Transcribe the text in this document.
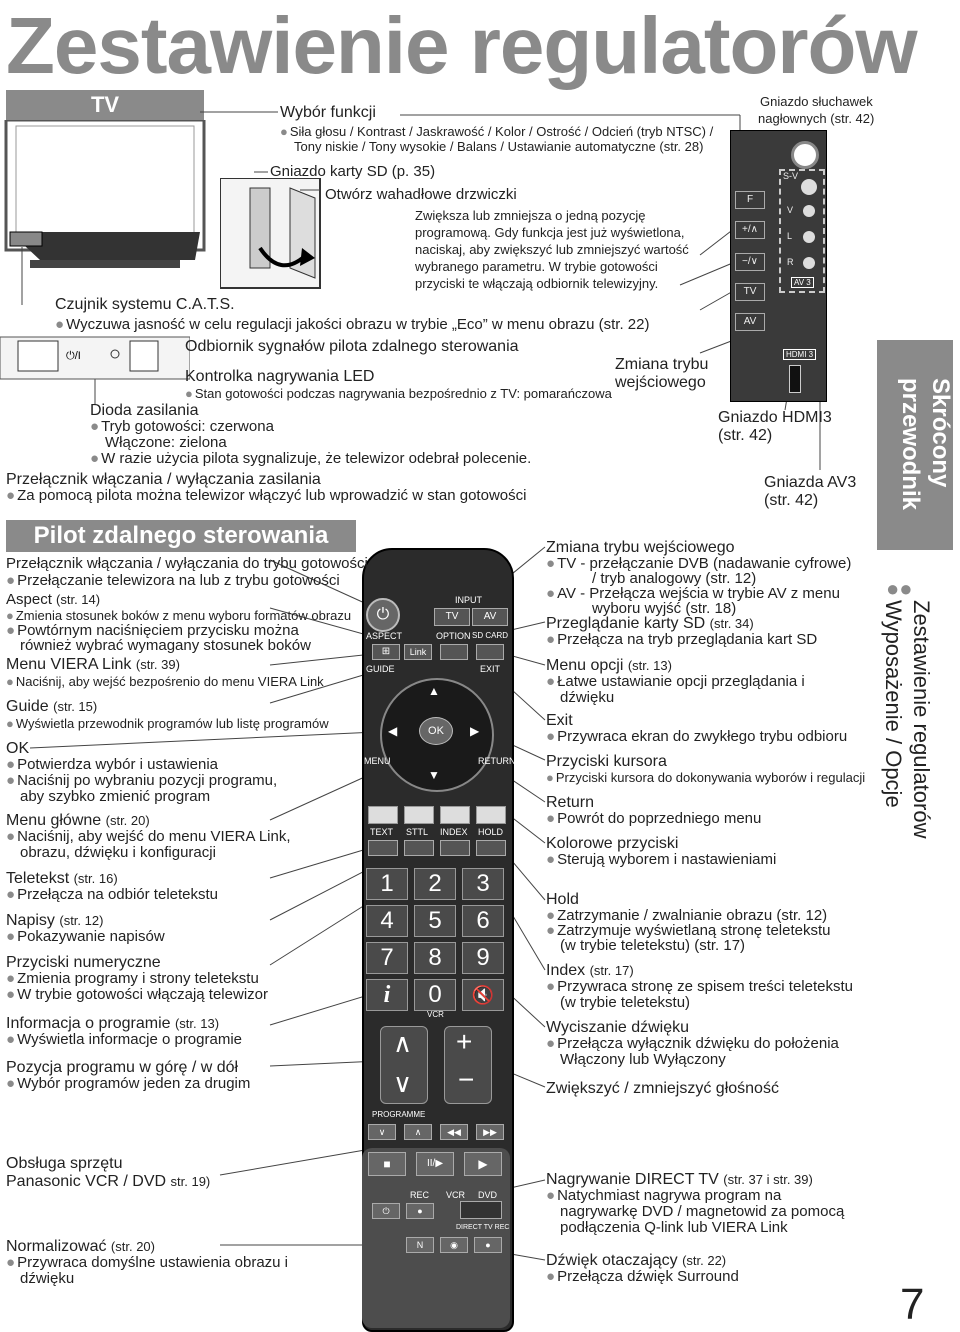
Zestawienie regulatorów
TV	Wybór funkcji
● Siła głosu / Kontrast / Jaskrawość / Kolor / Ostrość / Odcień (tryb NTSC) /
Tony niskie / Tony wysokie / Balans / Ustawianie automatyczne (str. 28)
Gniazdo karty SD (p. 35)
Otwórz wahadłowe drzwiczki
Zwiększa lub zmniejsza o jedną pozycję
programową. Gdy funkcja jest już wyświetlona,
naciskaj, aby zwiększyć lub zmniejszyć wartość
wybranego parametru. W trybie gotowości
przyciski te włączają odbiornik telewizyjny.
Czujnik systemu C.A.T.S.
● Wyczuwa jasność w celu regulacji jakości obrazu w trybie „Eco” w menu obrazu (str. 22)
⏻/I
Odbiornik sygnałów pilota zdalnego sterowania
Kontrolka nagrywania LED
● Stan gotowości podczas nagrywania bezpośrednio z TV: pomarańczowa
Zmiana trybu
wejściowego
Dioda zasilania
● Tryb gotowości: czerwona
Włączone: zielona
● W razie użycia pilota sygnalizuje, że telewizor odebrał polecenie.
Przełącznik włączania / wyłączania zasilania
● Za pomocą pilota można telewizor włączyć lub wprowadzić w stan gotowości
Gniazdo słuchawek
nagłownych (str. 42)
F
+/∧
−/∨
TV
AV
S-V
V
L
R
AV 3
HDMI 3
Gniazdo HDMI3
(str. 42)
Gniazda AV3
(str. 42)
Pilot zdalnego sterowania
⏻
INPUT
TV	AV
ASPECT
⊞	Link
OPTION SD CARD
GUIDE	EXIT
▲
▼
◀	▶
OK
MENU	RETURN
TEXT STTL INDEX HOLD
1	2	3
4	5	6
7	8	9
i	0	🔇
VCR
∧
∨
+
−
PROGRAMME
∨	∧	◀◀	▶▶
■	II/▶	▶
REC VCR DVD
⏻	●
DIRECT TV REC
N	◉	●
Przełącznik włączania / wyłączania do trybu gotowości
● Przełączanie telewizora na lub z trybu gotowości
Aspect (str. 14)
● Zmienia stosunek boków z menu wyboru formatów obrazu
● Powtórnym naciśnięciem przycisku można
również wybrać wymagany stosunek boków
Menu VIERA Link (str. 39)
● Naciśnij, aby wejść bezpośrenio do menu VIERA Link
Guide (str. 15)
● Wyświetla przewodnik programów lub listę programów
OK
● Potwierdza wybór i ustawienia
● Naciśnij po wybraniu pozycji programu,
aby szybko zmienić program
Menu główne (str. 20)
● Naciśnij, aby wejść do menu VIERA Link,
obrazu, dźwięku i konfiguracji
Teletekst (str. 16)
● Przełącza na odbiór teletekstu
Napisy (str. 12)
● Pokazywanie napisów
Przyciski numeryczne
● Zmienia programy i strony teletekstu
● W trybie gotowości włączają telewizor
Informacja o programie (str. 13)
● Wyświetla informacje o programie
Pozycja programu w górę / w dół
● Wybór programów jeden za drugim
Obsługa sprzętu
Panasonic VCR / DVD str. 19)
Normalizować (str. 20)
● Przywraca domyślne ustawienia obrazu i
dźwięku
Zmiana trybu wejściowego
● TV - przełączanie DVB (nadawanie cyfrowe)
/ tryb analogowy (str. 12)
● AV - Przełącza wejścia w trybie AV z menu
wyboru wyjść (str. 18)
Przeglądanie karty SD (str. 34)
● Przełącza na tryb przeglądania kart SD
Menu opcji (str. 13)
● Łatwe ustawianie opcji przeglądania i
dźwięku
Exit
● Przywraca ekran do zwykłego trybu odbioru
Przyciski kursora
● Przyciski kursora do dokonywania wyborów i regulacji
Return
● Powrót do poprzedniego menu
Kolorowe przyciski
● Sterują wyborem i nastawieniami
Hold
● Zatrzymanie / zwalnianie obrazu (str. 12)
● Zatrzymuje wyświetlaną stronę teletekstu
(w trybie teletekstu) (str. 17)
Index (str. 17)
● Przywraca stronę ze spisem treści teletekstu
(w trybie teletekstu)
Wyciszanie dźwięku
● Przełącza wyłącznik dźwięku do położenia
Włączony lub Wyłączony
Zwiększyć / zmniejszyć głośność
Nagrywanie DIRECT TV (str. 37 i str. 39)
● Natychmiast nagrywa program na
nagrywarkę DVD / magnetowid za pomocą
podłączenia Q-link lub VIERA Link
Dźwięk otaczający (str. 22)
● Przełącza dźwięk Surround
Skrócony przewodnik
●●
Zestawienie regulatorów
Wyposażenie / Opcje
7
